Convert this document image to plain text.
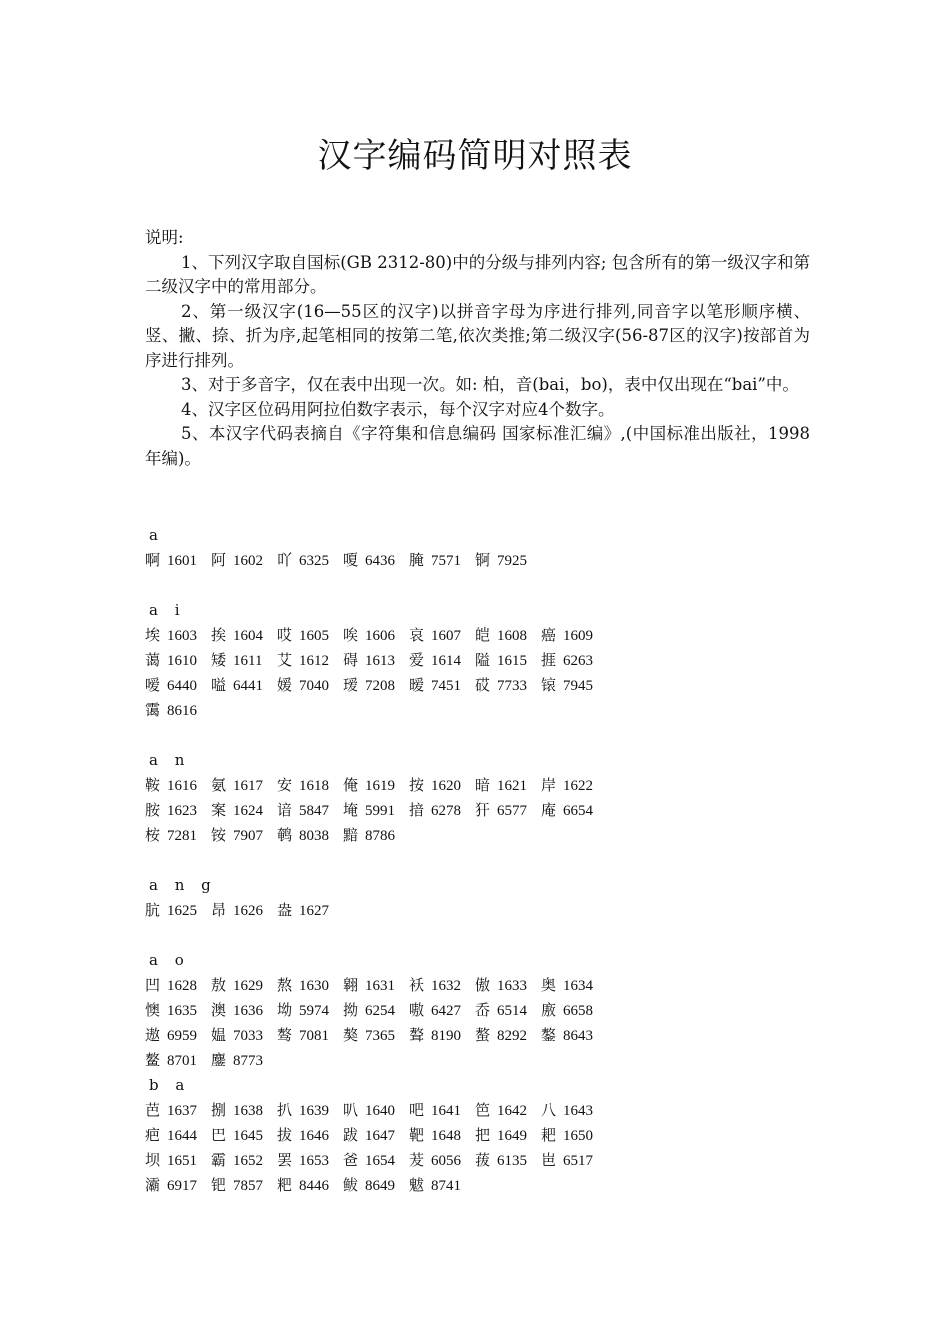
汉字编码简明对照表

说明:

1、下列汉字取自国标(GB 2312-80)中的分级与排列内容; 包含所有的第一级汉字和第二级汉字中的常用部分。

2、第一级汉字(16—55区的汉字)以拼音字母为序进行排列,同音字以笔形顺序横、竖、撇、捺、折为序,起笔相同的按第二笔,依次类推;第二级汉字(56-87区的汉字)按部首为序进行排列。

3、对于多音字，仅在表中出现一次。如: 柏，音(bai，bo)，表中仅出现在“bai”中。

4、汉字区位码用阿拉伯数字表示，每个汉字对应4个数字。

5、本汉字代码表摘自《字符集和信息编码 国家标准汇编》,(中国标准出版社，1998年编)。

a
啊 1601 阿 1602 吖 6325 嗄 6436 腌 7571 锕 7925
a i
埃 1603 挨 1604 哎 1605 唉 1606 哀 1607 皑 1608 癌 1609
蔼 1610 矮 1611 艾 1612 碍 1613 爱 1614 隘 1615 捱 6263
嗳 6440 嗌 6441 媛 7040 瑷 7208 暧 7451 砹 7733 锿 7945
霭 8616
a n
鞍 1616 氨 1617 安 1618 俺 1619 按 1620 暗 1621 岸 1622
胺 1623 案 1624 谙 5847 埯 5991 揞 6278 犴 6577 庵 6654
桉 7281 铵 7907 鹌 8038 黯 8786
a n g
肮 1625 昂 1626 盎 1627
a o
凹 1628 敖 1629 熬 1630 翱 1631 袄 1632 傲 1633 奥 1634
懊 1635 澳 1636 坳 5974 拗 6254 嗷 6427 岙 6514 廒 6658
遨 6959 媪 7033 骜 7081 獒 7365 聱 8190 螯 8292 鏊 8643
鳌 8701 鏖 8773
b a
芭 1637 捌 1638 扒 1639 叭 1640 吧 1641 笆 1642 八 1643
疤 1644 巴 1645 拔 1646 跋 1647 靶 1648 把 1649 耙 1650
坝 1651 霸 1652 罢 1653 爸 1654 茇 6056 菝 6135 岜 6517
灞 6917 钯 7857 粑 8446 鲅 8649 魃 8741
